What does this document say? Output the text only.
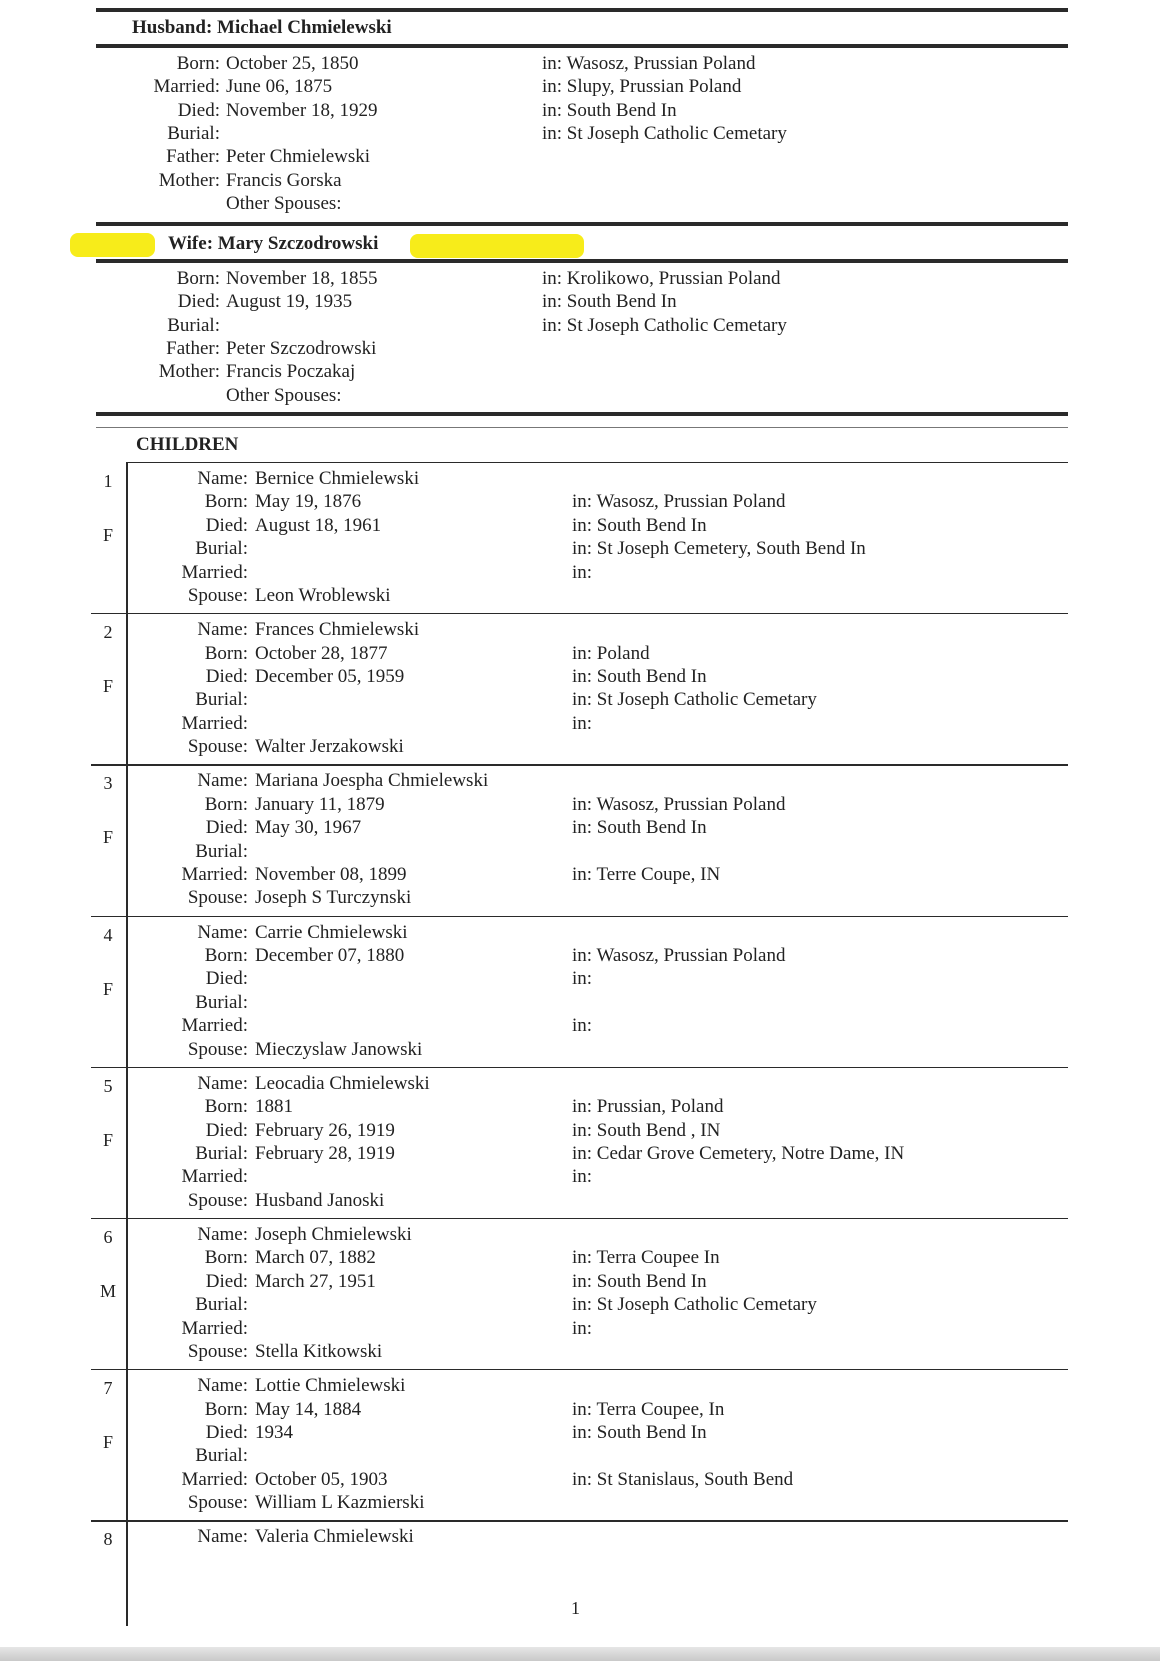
Husband: Michael Chmielewski
Born: October 25, 1850	in: Wasosz, Prussian Poland
Married: June 06, 1875	in: Slupy, Prussian Poland
Died: November 18, 1929	in: South Bend In
Burial:	in: St Joseph Catholic Cemetary
Father: Peter Chmielewski
Mother: Francis Gorska
Other Spouses:
Wife: Mary Szczodrowski
Born: November 18, 1855	in: Krolikowo, Prussian Poland
Died: August 19, 1935	in: South Bend In
Burial:	in: St Joseph Catholic Cemetary
Father: Peter Szczodrowski
Mother: Francis Poczakaj
Other Spouses:
CHILDREN
1
F
Name: Bernice Chmielewski
Born: May 19, 1876	in: Wasosz, Prussian Poland
Died: August 18, 1961	in: South Bend In
Burial:	in: St Joseph Cemetery, South Bend In
Married:	in:
Spouse: Leon Wroblewski
2
F
Name: Frances Chmielewski
Born: October 28, 1877	in: Poland
Died: December 05, 1959	in: South Bend In
Burial:	in: St Joseph Catholic Cemetary
Married:	in:
Spouse: Walter Jerzakowski
3
F
Name: Mariana Joespha Chmielewski
Born: January 11, 1879	in: Wasosz, Prussian Poland
Died: May 30, 1967	in: South Bend In
Burial:
Married: November 08, 1899	in: Terre Coupe, IN
Spouse: Joseph S Turczynski
4
F
Name: Carrie Chmielewski
Born: December 07, 1880	in: Wasosz, Prussian Poland
Died:	in:
Burial:
Married:	in:
Spouse: Mieczyslaw Janowski
5
F
Name: Leocadia Chmielewski
Born: 1881	in: Prussian, Poland
Died: February 26, 1919	in: South Bend , IN
Burial: February 28, 1919	in: Cedar Grove Cemetery, Notre Dame, IN
Married:	in:
Spouse: Husband Janoski
6
M
Name: Joseph Chmielewski
Born: March 07, 1882	in: Terra Coupee In
Died: March 27, 1951	in: South Bend In
Burial:	in: St Joseph Catholic Cemetary
Married:	in:
Spouse: Stella Kitkowski
7
F
Name: Lottie Chmielewski
Born: May 14, 1884	in: Terra Coupee, In
Died: 1934	in: South Bend In
Burial:
Married: October 05, 1903	in: St Stanislaus, South Bend
Spouse: William L Kazmierski
8	Name: Valeria Chmielewski
1
